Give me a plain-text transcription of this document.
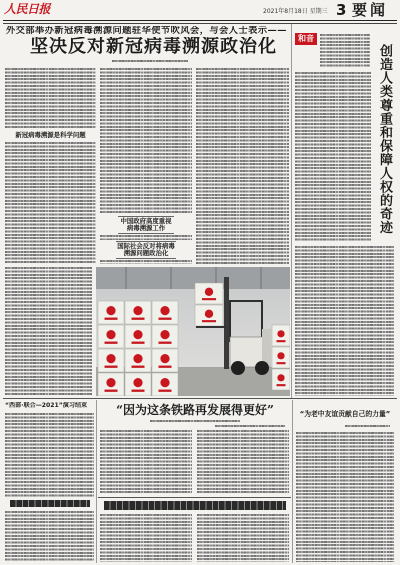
人民日报	2021年8月18日 星期三 3 要闻
外交部举办新冠病毒溯源问题驻华使节吹风会，与会人士表示——
坚决反对新冠病毒溯源政治化
新冠病毒溯源是科学问题
中国政府高度重视
病毒溯源工作
国际社会反对将病毒
溯源问题政治化
和音
创造人类尊重和保障人权的奇迹
“西部·联合—2021”演习结束	“因为这条铁路再发展得更好”	“为老中友谊贡献自己的力量”
